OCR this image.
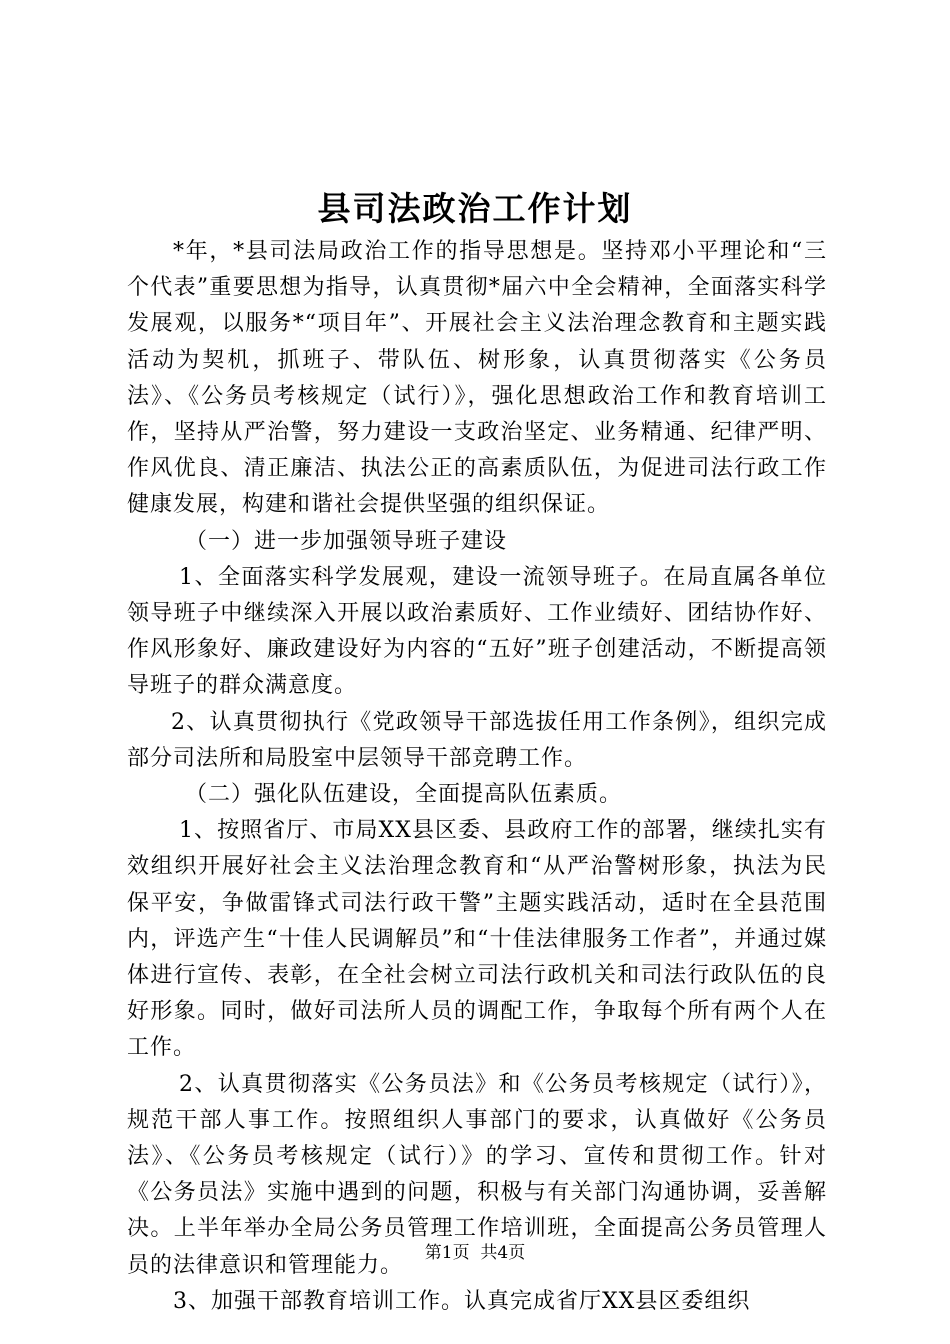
县司法政治工作计划

*年，*县司法局政治工作的指导思想是。坚持邓小平理论和“三个代表”重要思想为指导，认真贯彻*届六中全会精神，全面落实科学发展观，以服务*“项目年”、开展社会主义法治理念教育和主题实践活动为契机，抓班子、带队伍、树形象，认真贯彻落实《公务员法》、《公务员考核规定（试行）》，强化思想政治工作和教育培训工作，坚持从严治警，努力建设一支政治坚定、业务精通、纪律严明、作风优良、清正廉洁、执法公正的高素质队伍，为促进司法行政工作健康发展，构建和谐社会提供坚强的组织保证。

（一）进一步加强领导班子建设

1、全面落实科学发展观，建设一流领导班子。在局直属各单位领导班子中继续深入开展以政治素质好、工作业绩好、团结协作好、作风形象好、廉政建设好为内容的“五好”班子创建活动，不断提高领导班子的群众满意度。

2、认真贯彻执行《党政领导干部选拔任用工作条例》，组织完成部分司法所和局股室中层领导干部竞聘工作。

（二）强化队伍建设，全面提高队伍素质。

1、按照省厅、市局XX县区委、县政府工作的部署，继续扎实有效组织开展好社会主义法治理念教育和“从严治警树形象，执法为民保平安，争做雷锋式司法行政干警”主题实践活动，适时在全县范围内，评选产生“十佳人民调解员”和“十佳法律服务工作者”，并通过媒体进行宣传、表彰，在全社会树立司法行政机关和司法行政队伍的良好形象。同时，做好司法所人员的调配工作，争取每个所有两个人在工作。

2、认真贯彻落实《公务员法》和《公务员考核规定（试行）》，规范干部人事工作。按照组织人事部门的要求，认真做好《公务员法》、《公务员考核规定（试行）》的学习、宣传和贯彻工作。针对《公务员法》实施中遇到的问题，积极与有关部门沟通协调，妥善解决。上半年举办全局公务员管理工作培训班，全面提高公务员管理人员的法律意识和管理能力。

3、加强干部教育培训工作。认真完成省厅XX县区委组织

第1页  共4页
